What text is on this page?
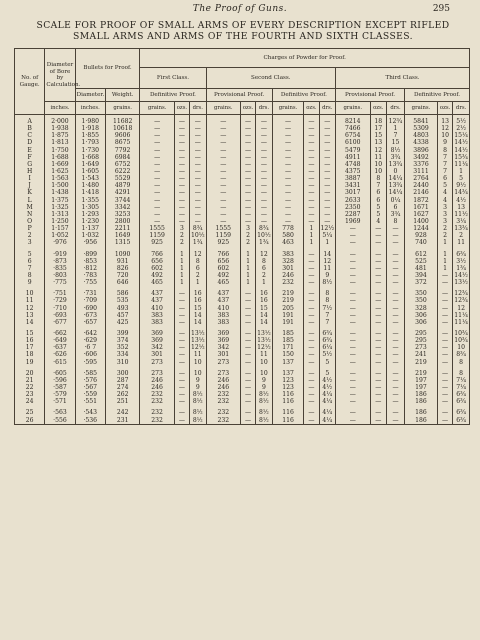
The Proof of Guns.	295
SCALE FOR PROOF OF SMALL ARMS OF EVERY DESCRIPTION EXCEPT RIFLED
SMALL ARMS AND ARMS OF THE FOURTH AND SIXTH CLASSES.
No. of Gauge.	Diameter of Bore by Calculation.	Bullets for Proof.		Charges of Powder for Proof.														
				First Class.			Second Class.						Third Class.					
		Diameter.	Weight.	Definitive Proof.			Provisional Proof.			Definitive Proof.			Provisional Proof.			Definitive Proof.		
	inches.	inches.	grains.	grains.	ozs.	drs.	grains.	ozs.	drs.	grains.	ozs.	drs.	grains.	ozs.	drs.	grains.	ozs.	drs.
A	2·000	1·980	11682	—	—	—	—	—	—	—	—	—	8214	18	12¾	5841	13	5½
B	1·938	1·918	10618	—	—	—	—	—	—	—	—	—	7466	17	1	5309	12	2½
C	1·875	1·855	9606	—	—	—	—	—	—	—	—	—	6754	15	7	4803	10	15¼
D	1·813	1·793	8675	—	—	—	—	—	—	—	—	—	6100	13	15	4338	9	14½
E	1·750	1·730	7792	—	—	—	—	—	—	—	—	—	5479	12	8½	3896	8	14½
F	1·688	1·668	6984	—	—	—	—	—	—	—	—	—	4911	11	3¾	3492	7	15¾
G	1·669	1·649	6752	—	—	—	—	—	—	—	—	—	4748	10	13¾	3376	7	11¼
H	1·625	1·605	6222	—	—	—	—	—	—	—	—	—	4375	10	0	3111	7	1
I	1·563	1·543	5529	—	—	—	—	—	—	—	—	—	3887	8	14¼	2764	6	5
J	1·500	1·480	4879	—	—	—	—	—	—	—	—	—	3431	7	13¾	2440	5	9½
K	1·438	1·418	4291	—	—	—	—	—	—	—	—	—	3017	6	14¼	2146	4	14¾
L	1·375	1·355	3744	—	—	—	—	—	—	—	—	—	2633	6	0¼	1872	4	4½
M	1·325	1·305	3342	—	—	—	—	—	—	—	—	—	2350	5	6	1671	3	13
N	1·313	1·293	3253	—	—	—	—	—	—	—	—	—	2287	5	3¾	1627	3	11½
O	1·250	1·230	2800	—	—	—	—	—	—	—	—	—	1969	4	8	1400	3	3¼
P	1·157	1·137	2211	1555	3	8¾	1555	3	8¾	778	1	12½	—	—	—	1244	2	13¾
2	1·052	1·032	1649	1159	2	10½	1159	2	10½	580	1	5¼	—	—	—	928	2	2
3	·976	·956	1315	925	2	1¾	925	2	1¾	463	1	1	—	—	—	740	1	11

5	·919	·899	1090	766	1	12	766	1	12	383	—	14	—	—	—	612	1	6¾
6	·873	·853	931	656	1	8	656	1	8	328	—	12	—	—	—	525	1	3½
7	·835	·812	826	602	1	6	602	1	6	301	—	11	—	—	—	481	1	1¾
8	·803	·783	720	492	1	2	492	1	2	246	—	9	—	—	—	394	—	14½
9	·775	·755	646	465	1	1	465	1	1	232	—	8½	—	—	—	372	—	13½

10	·751	·731	586	437	—	16	437	—	16	219	—	8	—	—	—	350	—	12¾
11	·729	·709	535	437	—	16	437	—	16	219	—	8	—	—	—	350	—	12¾
12	·710	·690	493	410	—	15	410	—	15	205	—	7½	—	—	—	328	—	12
13	·693	·673	457	383	—	14	383	—	14	191	—	7	—	—	—	306	—	11¼
14	·677	·657	425	383	—	14	383	—	14	191	—	7	—	—	—	306	—	11¼

15	·662	·642	399	369	—	13½	369	—	13½	185	—	6¾	—	—	—	295	—	10¾
16	·649	·629	374	369	—	13½	369	—	13½	185	—	6¾	—	—	—	295	—	10¾
17	·637	·6 7	352	342	—	12½	342	—	12½	171	—	6¼	—	—	—	273	—	10
18	·626	·606	334	301	—	11	301	—	11	150	—	5½	—	—	—	241	—	8¾
19	·615	·595	310	273	—	10	273	—	10	137	—	5	—	—	—	219	—	8

20	·605	·585	300	273	—	10	273	—	10	137	—	5	—	—	—	219	—	8
21	·596	·576	287	246	—	9	246	—	9	123	—	4½	—	—	—	197	—	7¼
22	·587	·567	274	246	—	9	246	—	9	123	—	4½	—	—	—	197	—	7¼
23	·579	·559	262	232	—	8½	232	—	8½	116	—	4¼	—	—	—	186	—	6¾
24	·571	·551	251	232	—	8½	232	—	8½	116	—	4¼	—	—	—	186	—	6¾

25	·563	·543	242	232	—	8½	232	—	8½	116	—	4¼	—	—	—	186	—	6¾
26	·556	·536	231	232	—	8½	232	—	8½	116	—	4¼	—	—	—	186	—	6¾
